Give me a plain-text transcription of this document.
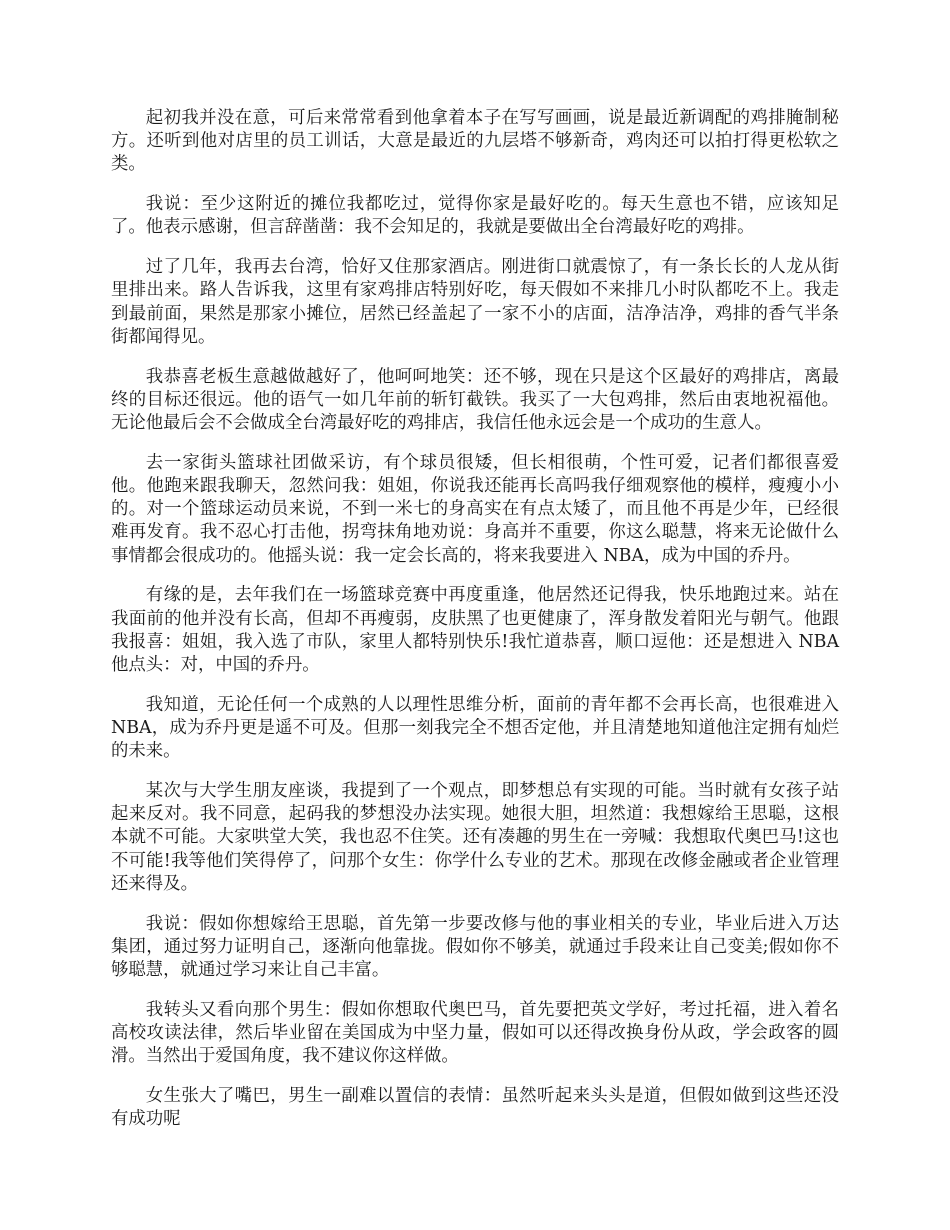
起初我并没在意，可后来常常看到他拿着本子在写写画画，说是最近新调配的鸡排腌制秘方。还听到他对店里的员工训话，大意是最近的九层塔不够新奇，鸡肉还可以拍打得更松软之类。

我说：至少这附近的摊位我都吃过，觉得你家是最好吃的。每天生意也不错，应该知足了。他表示感谢，但言辞凿凿：我不会知足的，我就是要做出全台湾最好吃的鸡排。

过了几年，我再去台湾，恰好又住那家酒店。刚进街口就震惊了，有一条长长的人龙从街里排出来。路人告诉我，这里有家鸡排店特别好吃，每天假如不来排几小时队都吃不上。我走到最前面，果然是那家小摊位，居然已经盖起了一家不小的店面，洁净洁净，鸡排的香气半条街都闻得见。

我恭喜老板生意越做越好了，他呵呵地笑：还不够，现在只是这个区最好的鸡排店，离最终的目标还很远。他的语气一如几年前的斩钉截铁。我买了一大包鸡排，然后由衷地祝福他。无论他最后会不会做成全台湾最好吃的鸡排店，我信任他永远会是一个成功的生意人。

去一家街头篮球社团做采访，有个球员很矮，但长相很萌，个性可爱，记者们都很喜爱他。他跑来跟我聊天，忽然问我：姐姐，你说我还能再长高吗我仔细观察他的模样，瘦瘦小小的。对一个篮球运动员来说，不到一米七的身高实在有点太矮了，而且他不再是少年，已经很难再发育。我不忍心打击他，拐弯抹角地劝说：身高并不重要，你这么聪慧，将来无论做什么事情都会很成功的。他摇头说：我一定会长高的，将来我要进入 NBA，成为中国的乔丹。

有缘的是，去年我们在一场篮球竞赛中再度重逢，他居然还记得我，快乐地跑过来。站在我面前的他并没有长高，但却不再瘦弱，皮肤黑了也更健康了，浑身散发着阳光与朝气。他跟我报喜：姐姐，我入选了市队，家里人都特别快乐!我忙道恭喜，顺口逗他：还是想进入 NBA 他点头：对，中国的乔丹。

我知道，无论任何一个成熟的人以理性思维分析，面前的青年都不会再长高，也很难进入 NBA，成为乔丹更是遥不可及。但那一刻我完全不想否定他，并且清楚地知道他注定拥有灿烂的未来。

某次与大学生朋友座谈，我提到了一个观点，即梦想总有实现的可能。当时就有女孩子站起来反对。我不同意，起码我的梦想没办法实现。她很大胆，坦然道：我想嫁给王思聪，这根本就不可能。大家哄堂大笑，我也忍不住笑。还有凑趣的男生在一旁喊：我想取代奥巴马!这也不可能!我等他们笑得停了，问那个女生：你学什么专业的艺术。那现在改修金融或者企业管理还来得及。

我说：假如你想嫁给王思聪，首先第一步要改修与他的事业相关的专业，毕业后进入万达集团，通过努力证明自己，逐渐向他靠拢。假如你不够美，就通过手段来让自己变美;假如你不够聪慧，就通过学习来让自己丰富。

我转头又看向那个男生：假如你想取代奥巴马，首先要把英文学好，考过托福，进入着名高校攻读法律，然后毕业留在美国成为中坚力量，假如可以还得改换身份从政，学会政客的圆滑。当然出于爱国角度，我不建议你这样做。

女生张大了嘴巴，男生一副难以置信的表情：虽然听起来头头是道，但假如做到这些还没有成功呢
